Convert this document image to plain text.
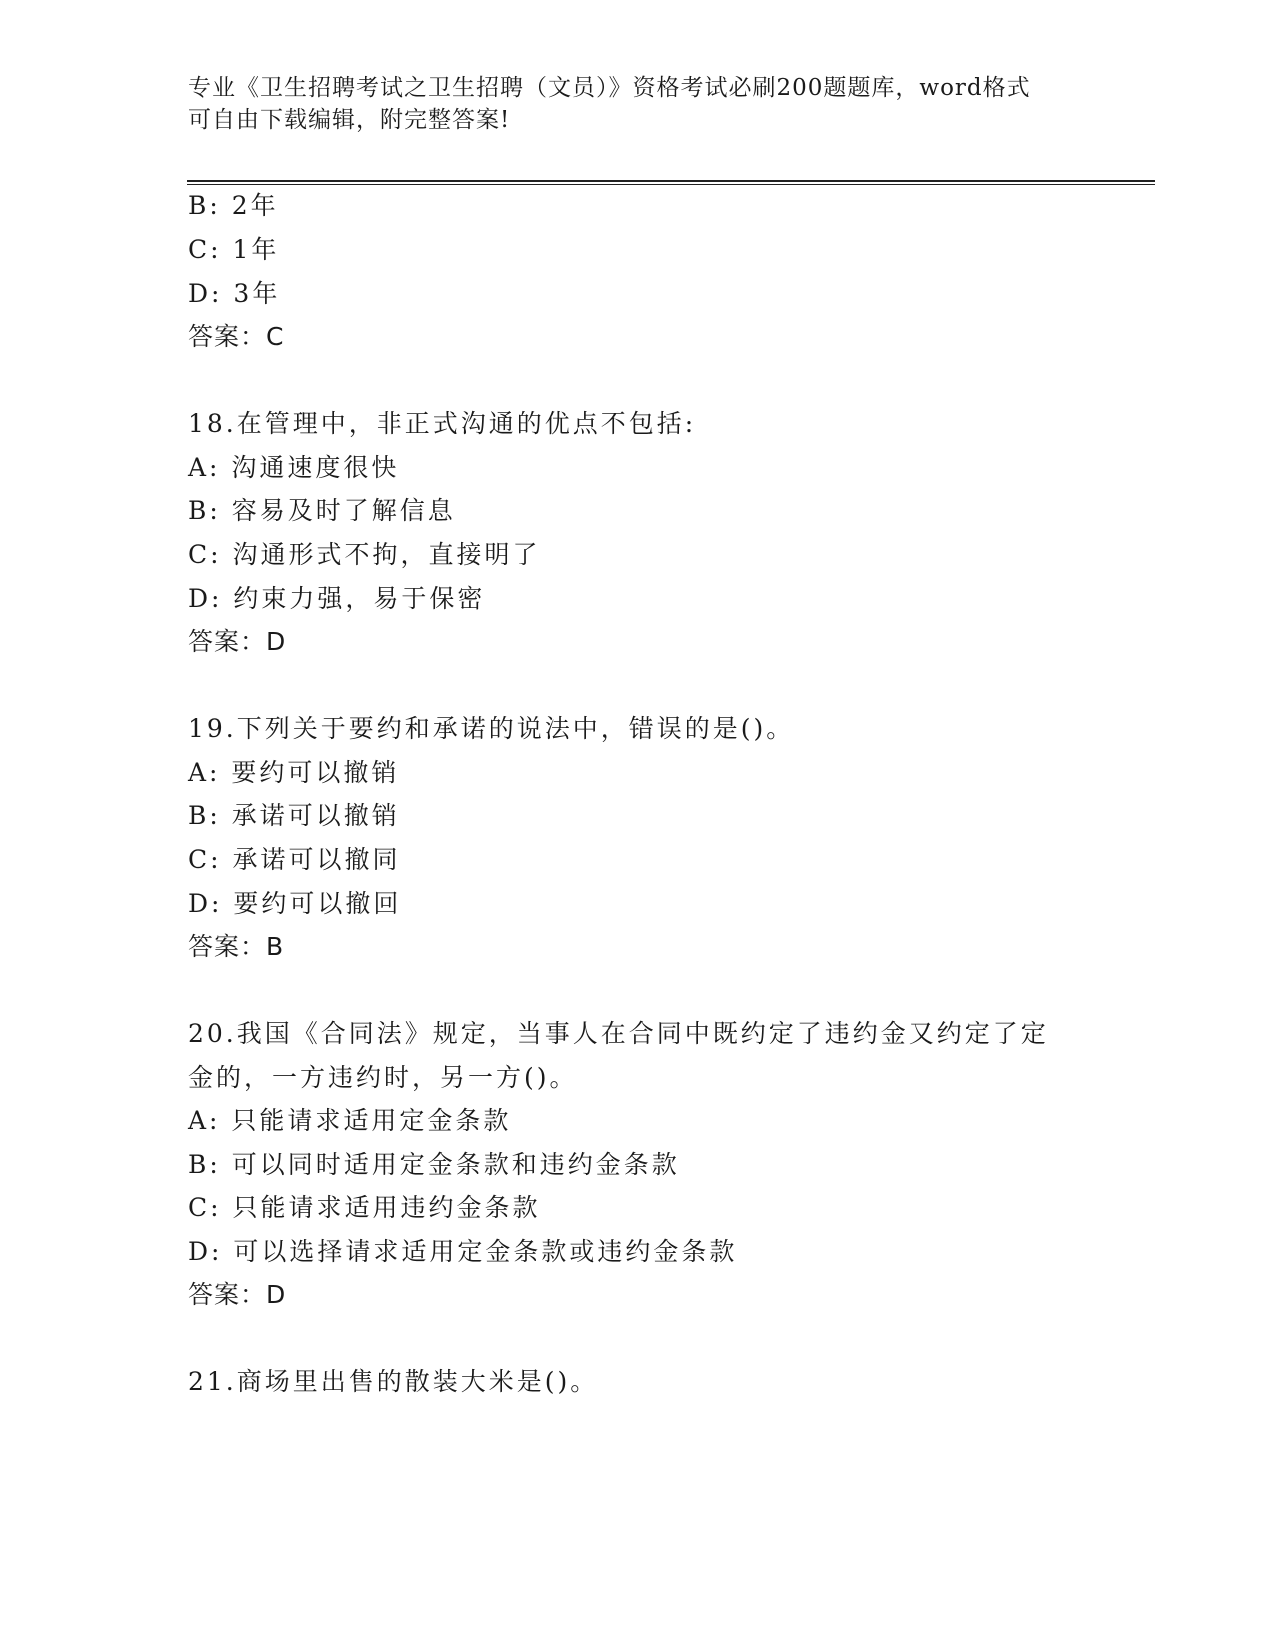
专业《卫生招聘考试之卫生招聘（文员）》资格考试必刷200题题库，word格式
可自由下载编辑，附完整答案!
B: 2年
C: 1年
D: 3年
答案：C
18.在管理中，非正式沟通的优点不包括:
A: 沟通速度很快
B: 容易及时了解信息
C: 沟通形式不拘，直接明了
D: 约束力强，易于保密
答案：D
19.下列关于要约和承诺的说法中，错误的是()。
A: 要约可以撤销
B: 承诺可以撤销
C: 承诺可以撤同
D: 要约可以撤回
答案：B
20.我国《合同法》规定，当事人在合同中既约定了违约金又约定了定
金的，一方违约时，另一方()。
A: 只能请求适用定金条款
B: 可以同时适用定金条款和违约金条款
C: 只能请求适用违约金条款
D: 可以选择请求适用定金条款或违约金条款
答案：D
21.商场里出售的散装大米是()。
